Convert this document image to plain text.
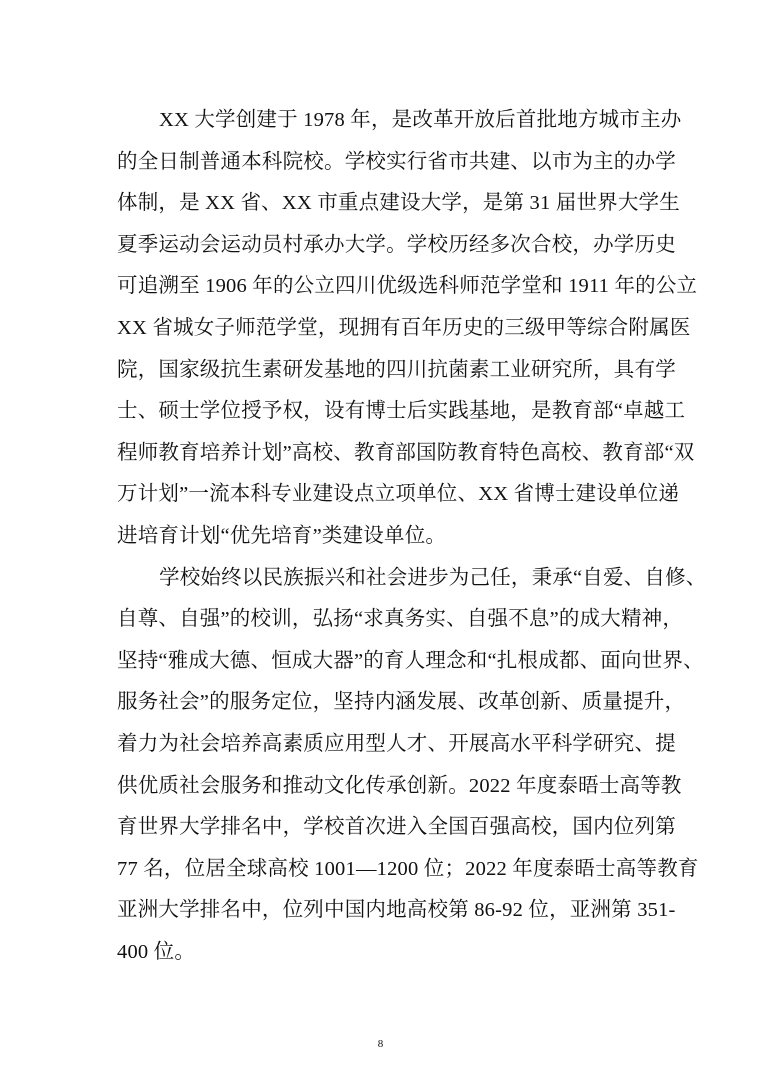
XX 大学创建于 1978 年，是改革开放后首批地方城市主办
的全日制普通本科院校。学校实行省市共建、以市为主的办学
体制，是 XX 省、XX 市重点建设大学，是第 31 届世界大学生
夏季运动会运动员村承办大学。学校历经多次合校，办学历史
可追溯至 1906 年的公立四川优级选科师范学堂和 1911 年的公立
XX 省城女子师范学堂，现拥有百年历史的三级甲等综合附属医
院，国家级抗生素研发基地的四川抗菌素工业研究所，具有学
士、硕士学位授予权，设有博士后实践基地，是教育部“卓越工
程师教育培养计划”高校、教育部国防教育特色高校、教育部“双
万计划”一流本科专业建设点立项单位、XX 省博士建设单位递
进培育计划“优先培育”类建设单位。
学校始终以民族振兴和社会进步为己任，秉承“自爱、自修、
自尊、自强”的校训，弘扬“求真务实、自强不息”的成大精神，
坚持“雅成大德、恒成大器”的育人理念和“扎根成都、面向世界、
服务社会”的服务定位，坚持内涵发展、改革创新、质量提升，
着力为社会培养高素质应用型人才、开展高水平科学研究、提
供优质社会服务和推动文化传承创新。2022 年度泰晤士高等教
育世界大学排名中，学校首次进入全国百强高校，国内位列第
77 名，位居全球高校 1001—1200 位；2022 年度泰晤士高等教育
亚洲大学排名中，位列中国内地高校第 86-92 位，亚洲第 351-
400 位。
8
